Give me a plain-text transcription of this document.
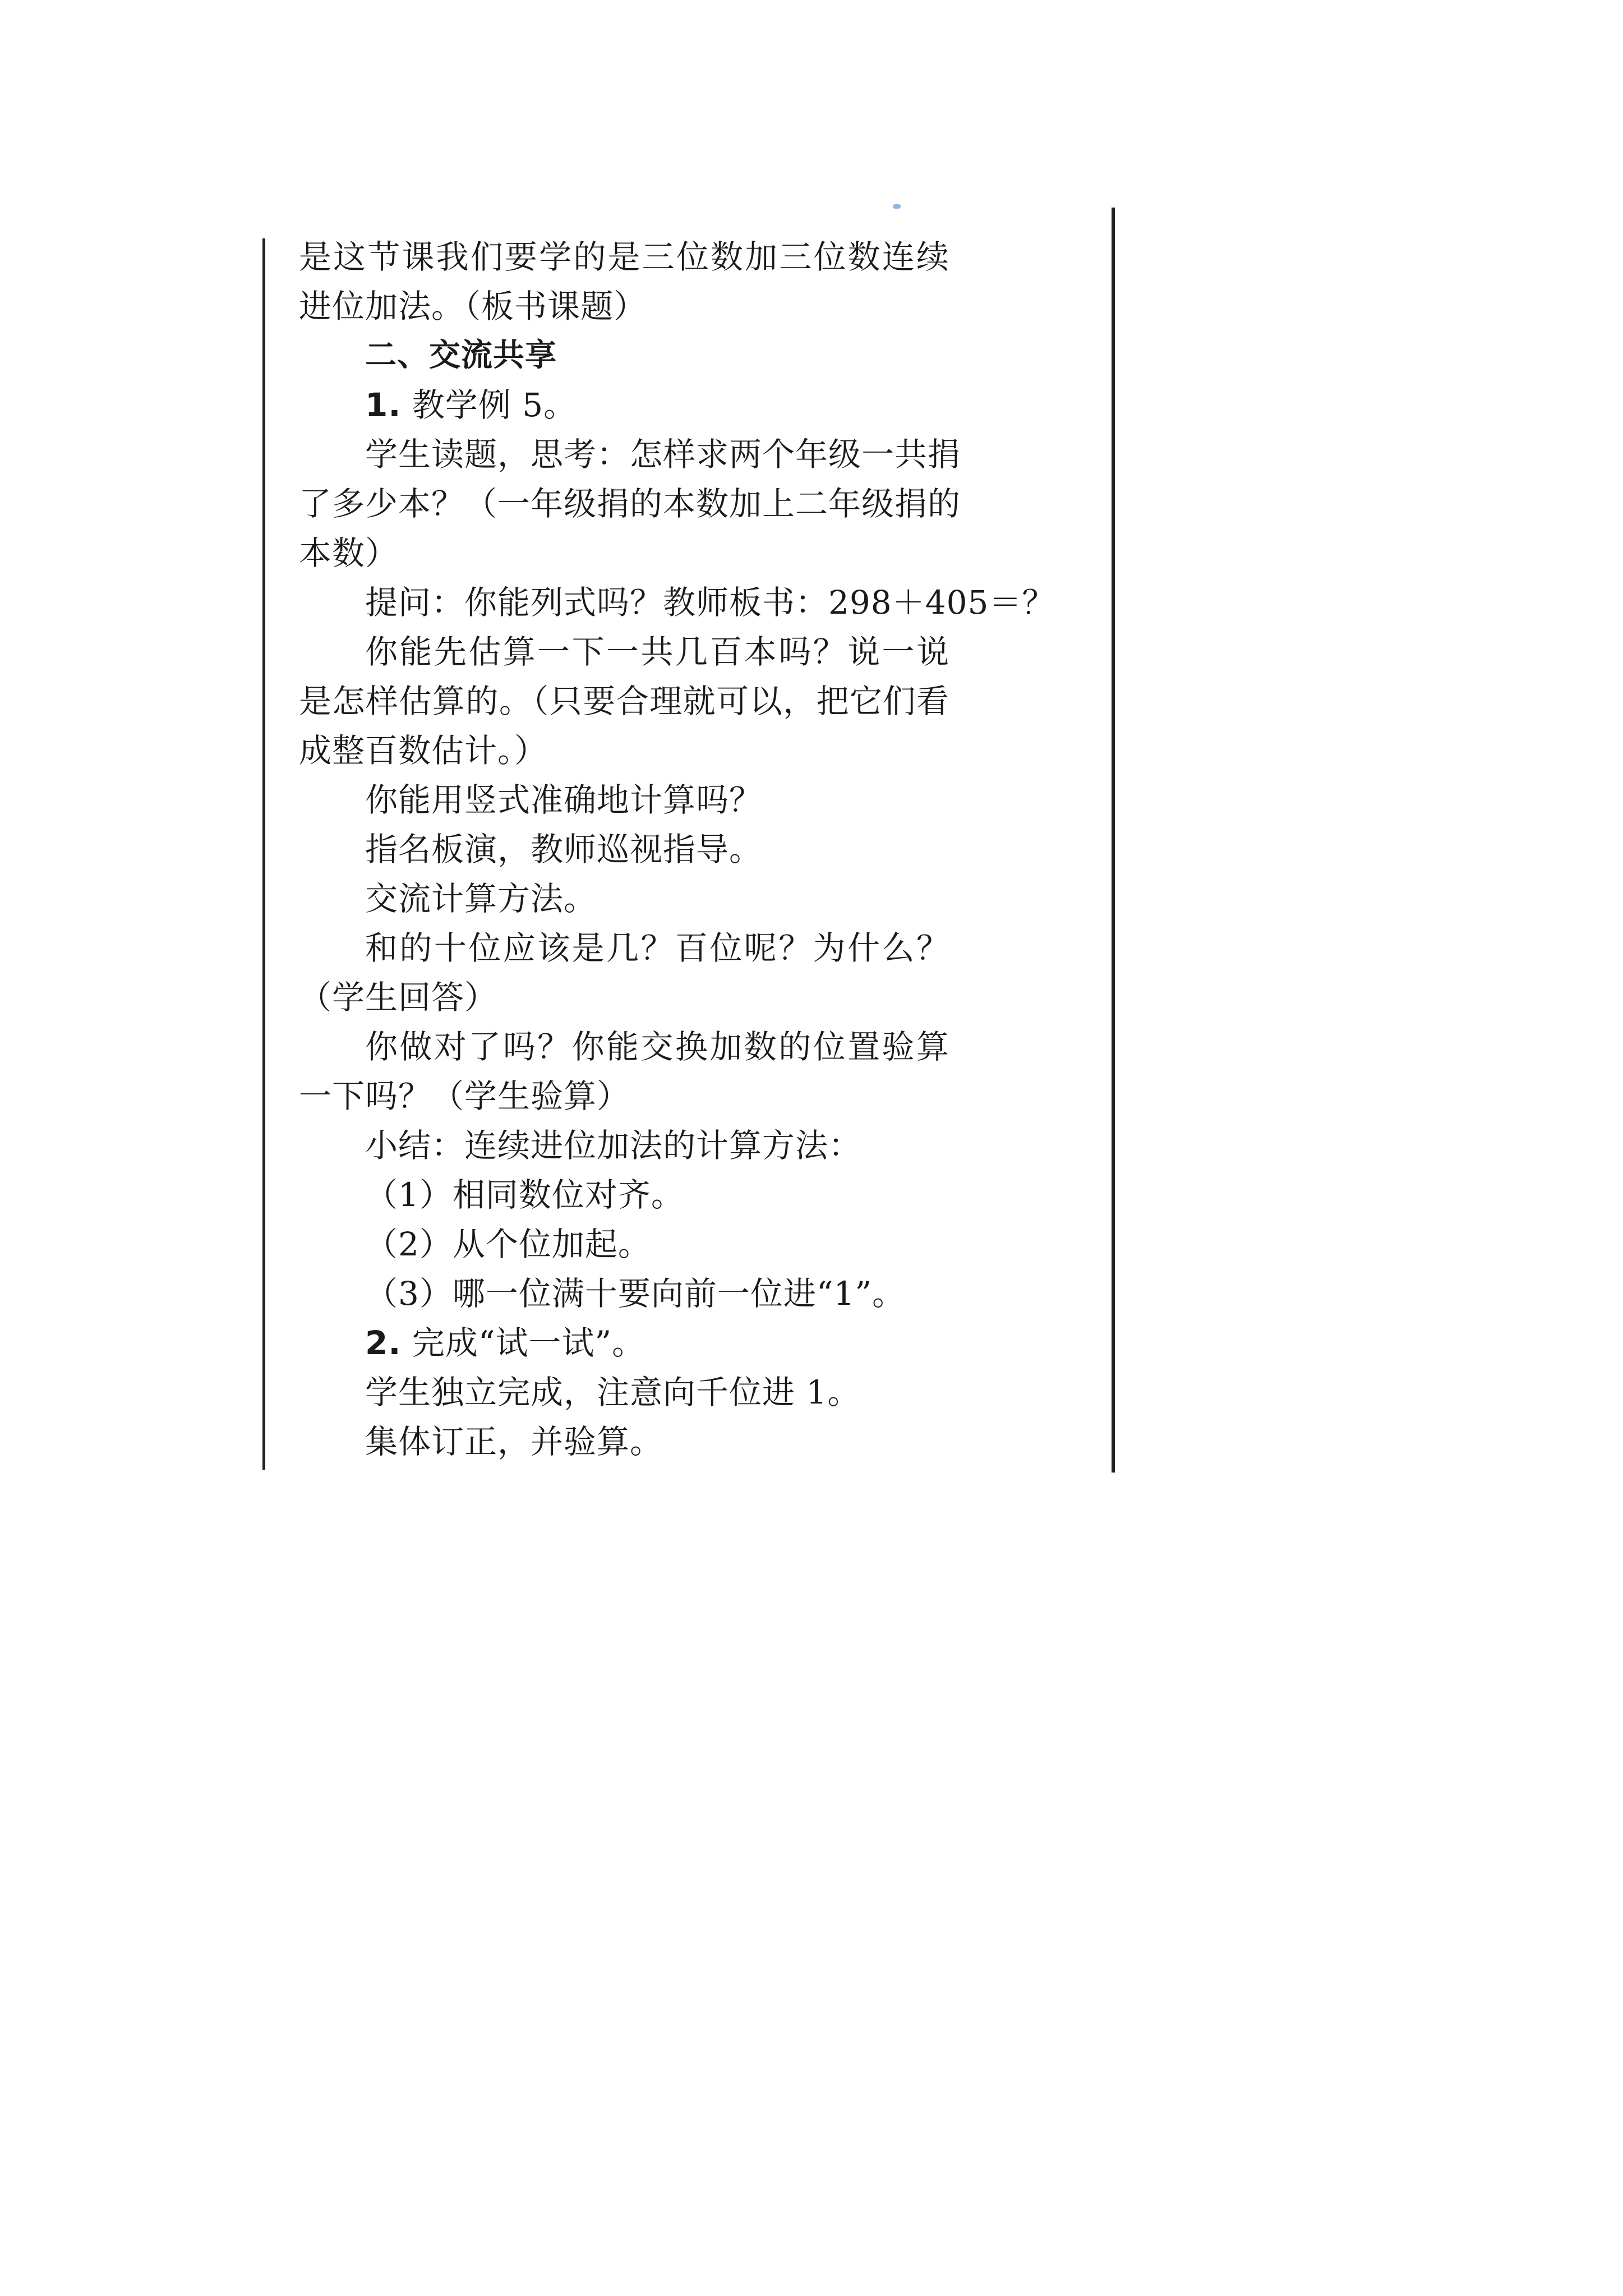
是这节课我们要学的是三位数加三位数连续
进位加法。（板书课题）
二、交流共享
1. 教学例 5。
学生读题，思考：怎样求两个年级一共捐
了多少本？（一年级捐的本数加上二年级捐的
本数）
提问：你能列式吗？教师板书：298＋405＝？
你能先估算一下一共几百本吗？说一说
是怎样估算的。（只要合理就可以，把它们看
成整百数估计。）
你能用竖式准确地计算吗？
指名板演，教师巡视指导。
交流计算方法。
和的十位应该是几？百位呢？为什么？
（学生回答）
你做对了吗？你能交换加数的位置验算
一下吗？（学生验算）
小结：连续进位加法的计算方法：
（1）相同数位对齐。
（2）从个位加起。
（3）哪一位满十要向前一位进“1”。
2. 完成“试一试”。
学生独立完成，注意向千位进 1。
集体订正，并验算。
